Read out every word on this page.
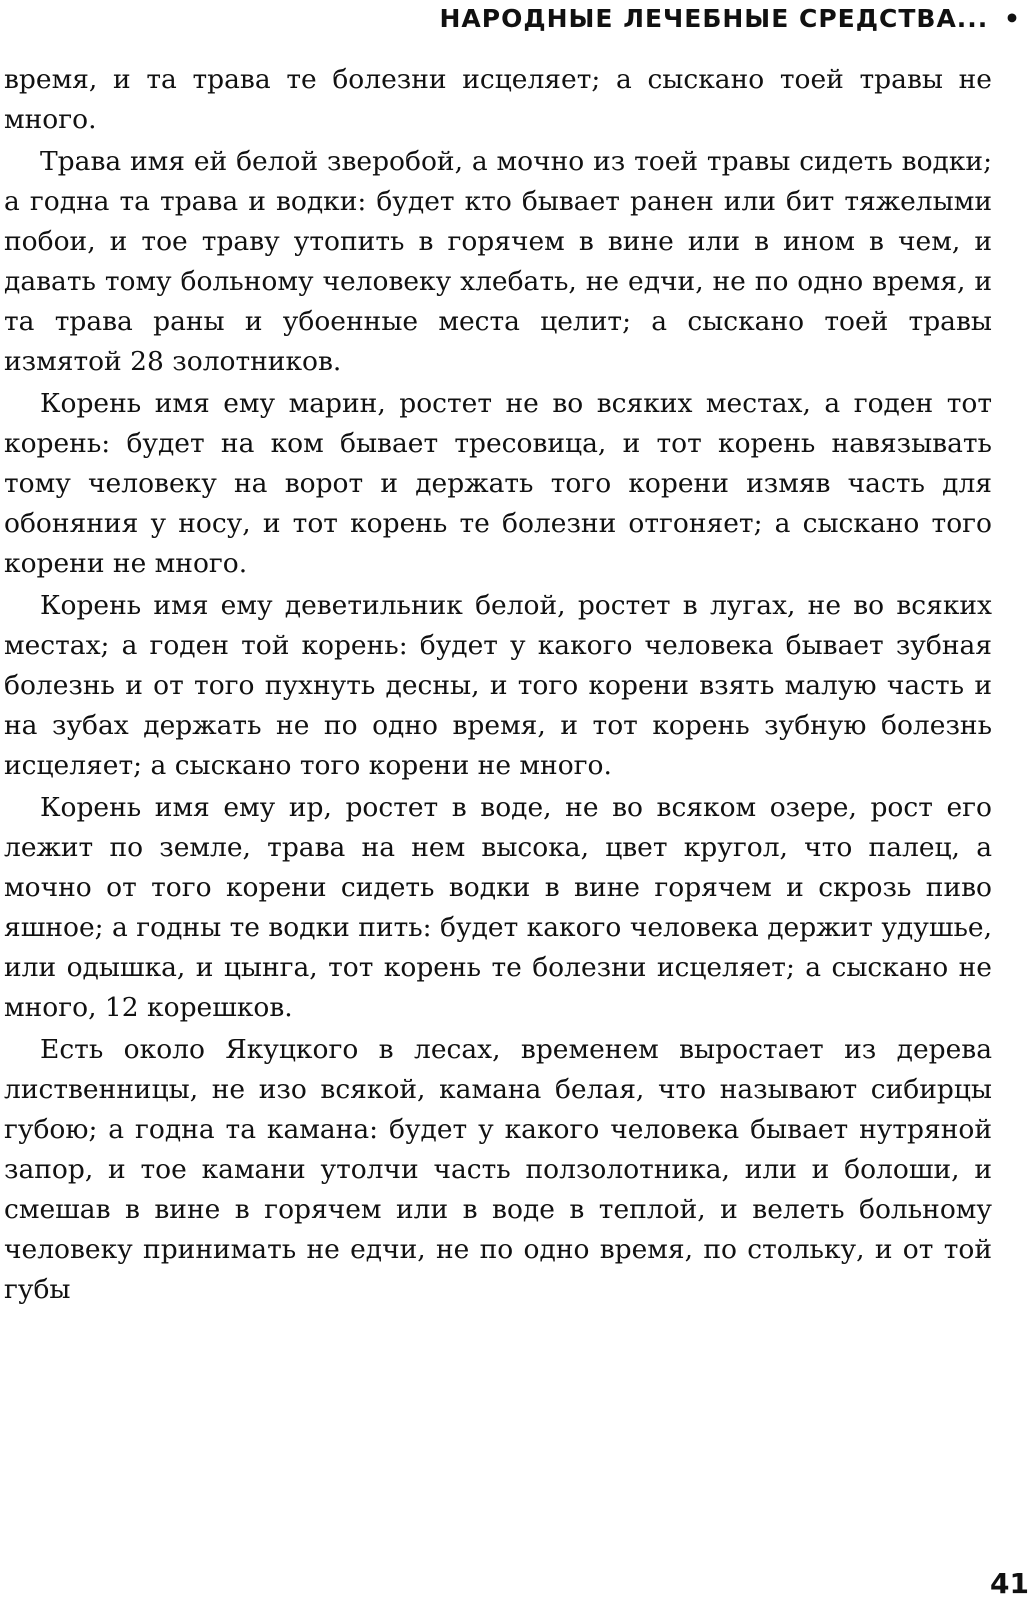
НАРОДНЫЕ ЛЕЧЕБНЫЕ СРЕДСТВА... •

время, и та трава те болезни исцеляет; а сыскано тоей травы не много.

Трава имя ей белой зверобой, а мочно из тоей травы сидеть водки; а годна та трава и водки: будет кто бывает ранен или бит тяжелыми побои, и тое траву утопить в горячем в вине или в ином в чем, и давать тому больному человеку хлебать, не едчи, не по одно время, и та трава раны и убоенные места целит; а сыскано тоей травы измятой 28 золотников.

Корень имя ему марин, ростет не во всяких местах, а годен тот корень: будет на ком бывает тресовица, и тот корень навязывать тому человеку на ворот и держать того корени измяв часть для обоняния у носу, и тот корень те болезни отгоняет; а сыскано того корени не много.

Корень имя ему деветильник белой, ростет в лугах, не во всяких местах; а годен той корень: будет у какого человека бывает зубная болезнь и от того пухнуть десны, и того корени взять малую часть и на зубах держать не по одно время, и тот корень зубную болезнь исцеляет; а сыскано того корени не много.

Корень имя ему ир, ростет в воде, не во всяком озере, рост его лежит по земле, трава на нем высока, цвет кругол, что палец, а мочно от того корени сидеть водки в вине горячем и скрозь пиво яшное; а годны те водки пить: будет какого человека держит удушье, или одышка, и цынга, тот корень те болезни исцеляет; а сыскано не много, 12 корешков.

Есть около Якуцкого в лесах, временем выростает из дерева лиственницы, не изо всякой, камана белая, что называют сибирцы губою; а годна та камана: будет у какого человека бывает нутряной запор, и тое камани утолчи часть ползолотника, или и болоши, и смешав в вине в горячем или в воде в теплой, и велеть больному человеку принимать не едчи, не по одно время, по стольку, и от той губы

41
